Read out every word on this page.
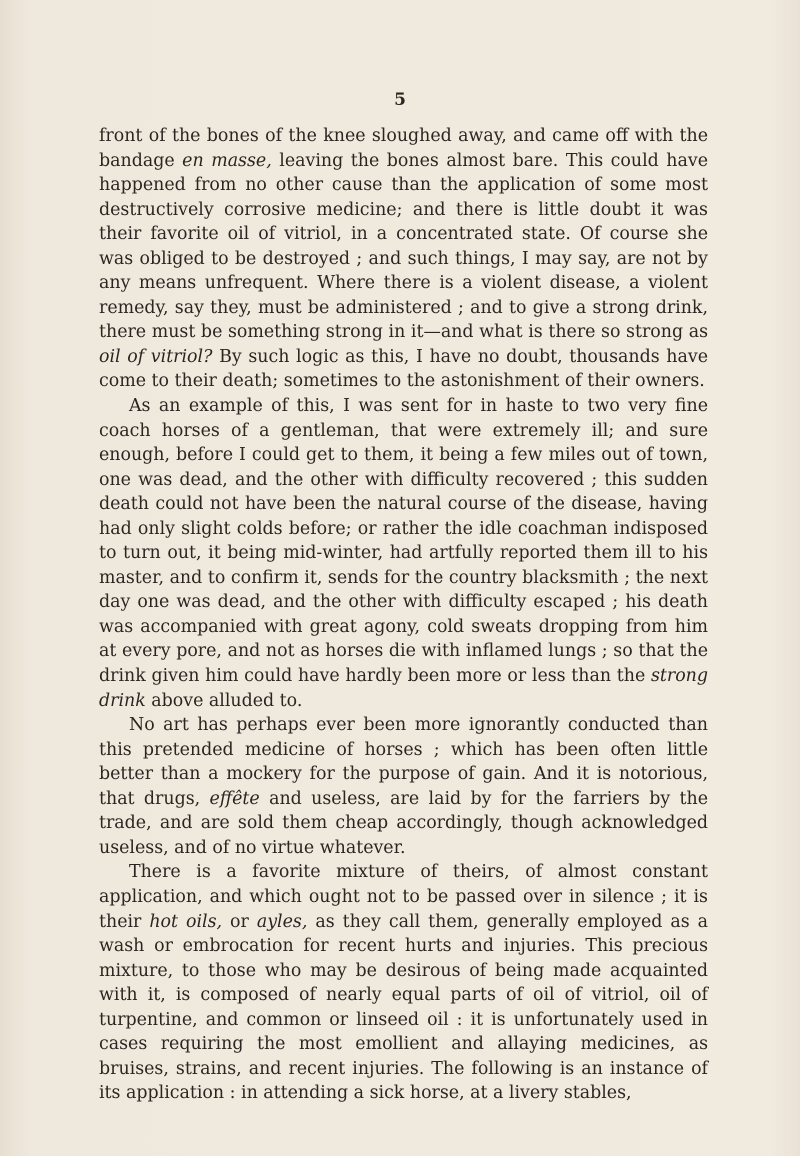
5

front of the bones of the knee sloughed away, and came off with the bandage en masse, leaving the bones almost bare. This could have happened from no other cause than the application of some most destructively corrosive medicine; and there is little doubt it was their favorite oil of vitriol, in a concentrated state. Of course she was obliged to be destroyed ; and such things, I may say, are not by any means unfrequent. Where there is a violent disease, a violent remedy, say they, must be administered ; and to give a strong drink, there must be something strong in it—and what is there so strong as oil of vitriol? By such logic as this, I have no doubt, thousands have come to their death; sometimes to the astonishment of their owners.

As an example of this, I was sent for in haste to two very fine coach horses of a gentleman, that were extremely ill; and sure enough, before I could get to them, it being a few miles out of town, one was dead, and the other with difficulty recovered ; this sudden death could not have been the natural course of the disease, having had only slight colds before; or rather the idle coachman indisposed to turn out, it being mid-winter, had artfully reported them ill to his master, and to confirm it, sends for the country blacksmith ; the next day one was dead, and the other with difficulty escaped ; his death was accompanied with great agony, cold sweats dropping from him at every pore, and not as horses die with inflamed lungs ; so that the drink given him could have hardly been more or less than the strong drink above alluded to.

No art has perhaps ever been more ignorantly conducted than this pretended medicine of horses ; which has been often little better than a mockery for the purpose of gain. And it is notorious, that drugs, effête and useless, are laid by for the farriers by the trade, and are sold them cheap accordingly, though acknowledged useless, and of no virtue whatever.

There is a favorite mixture of theirs, of almost constant application, and which ought not to be passed over in silence ; it is their hot oils, or ayles, as they call them, generally employed as a wash or embrocation for recent hurts and injuries. This precious mixture, to those who may be desirous of being made acquainted with it, is composed of nearly equal parts of oil of vitriol, oil of turpentine, and common or linseed oil : it is unfortunately used in cases requiring the most emollient and allaying medicines, as bruises, strains, and recent injuries. The following is an instance of its application : in attending a sick horse, at a livery stables,
